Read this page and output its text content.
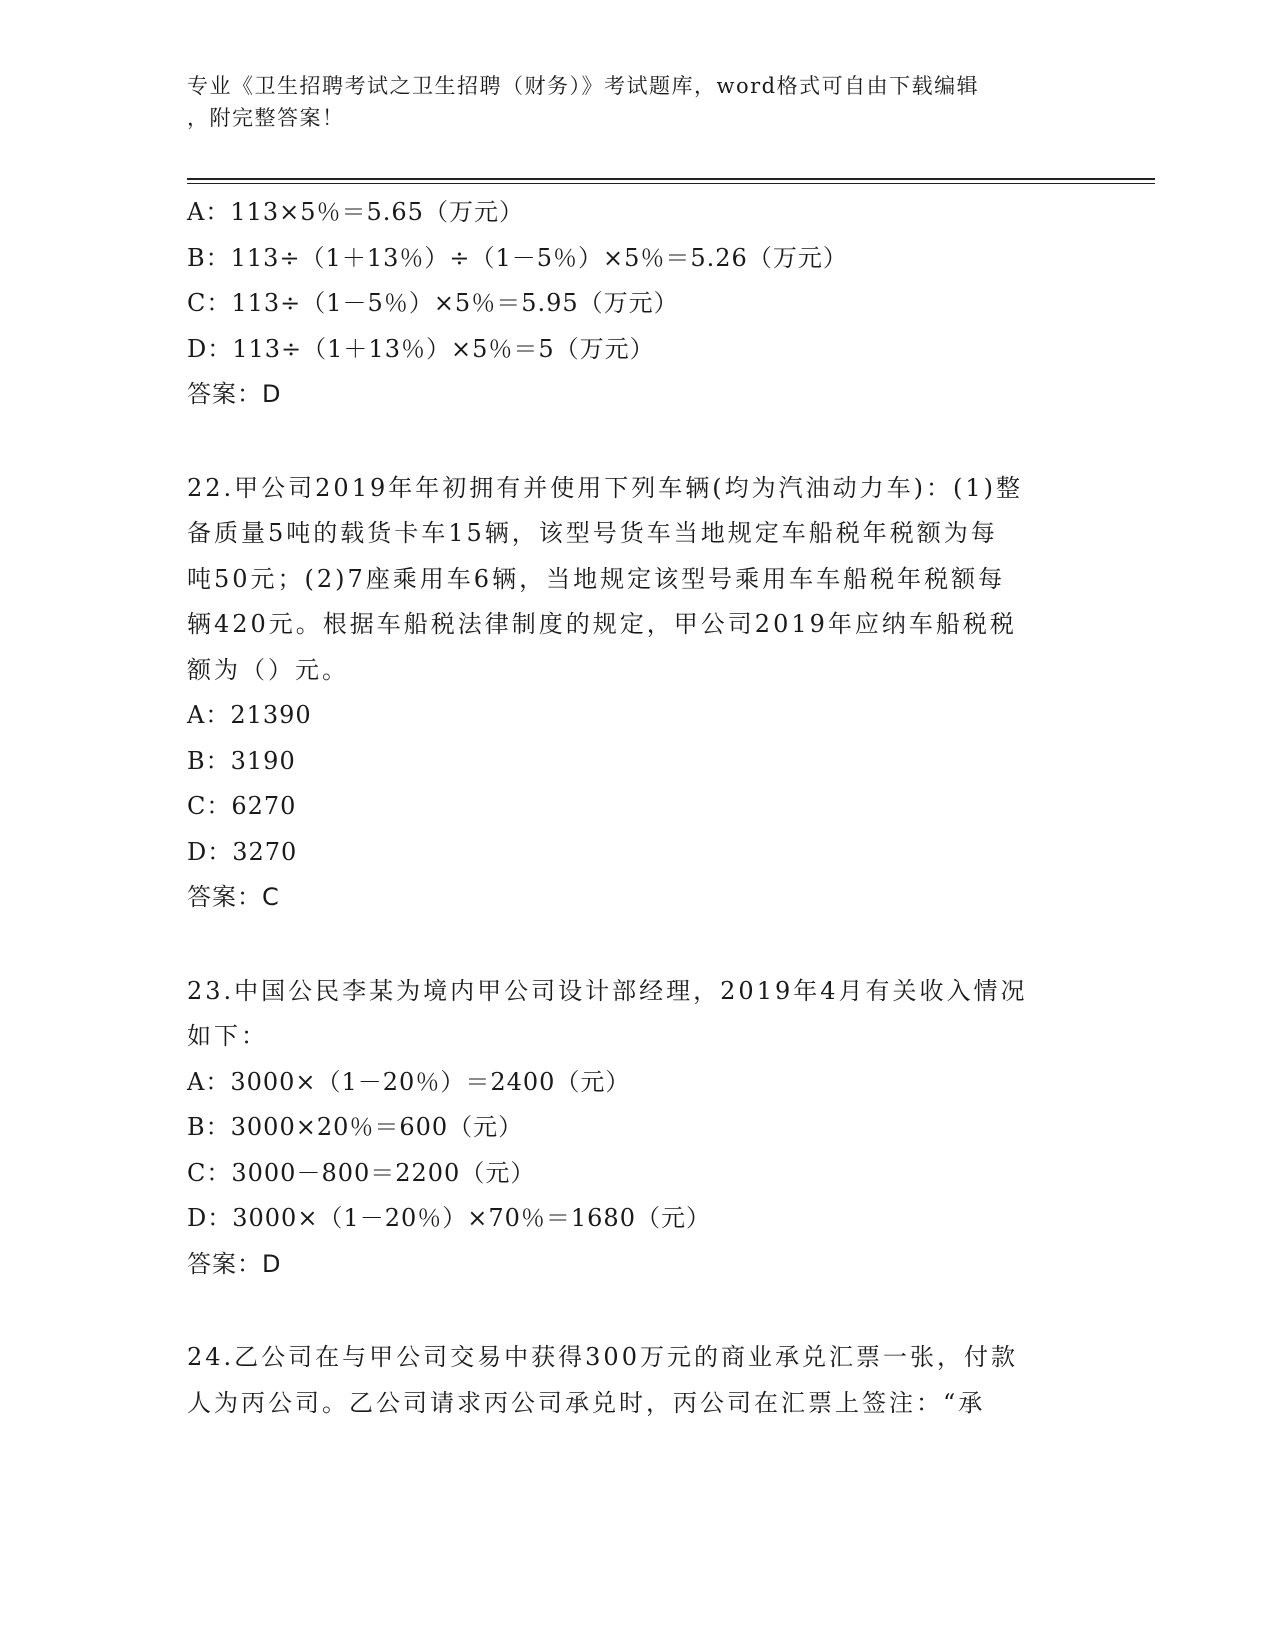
专业《卫生招聘考试之卫生招聘（财务）》考试题库，word格式可自由下载编辑
，附完整答案！
A：113×5％＝5.65（万元）
B：113÷（1＋13％）÷（1－5％）×5％＝5.26（万元）
C：113÷（1－5％）×5％＝5.95（万元）
D：113÷（1＋13％）×5％＝5（万元）
答案：D
22.甲公司2019年年初拥有并使用下列车辆(均为汽油动力车)：(1)整
备质量5吨的载货卡车15辆，该型号货车当地规定车船税年税额为每
吨50元；(2)7座乘用车6辆，当地规定该型号乘用车车船税年税额每
辆420元。根据车船税法律制度的规定，甲公司2019年应纳车船税税
额为（）元。
A：21390
B：3190
C：6270
D：3270
答案：C
23.中国公民李某为境内甲公司设计部经理，2019年4月有关收入情况
如下：
A：3000×（1－20％）＝2400（元）
B：3000×20％＝600（元）
C：3000－800＝2200（元）
D：3000×（1－20％）×70％＝1680（元）
答案：D
24.乙公司在与甲公司交易中获得300万元的商业承兑汇票一张，付款
人为丙公司。乙公司请求丙公司承兑时，丙公司在汇票上签注：“承
